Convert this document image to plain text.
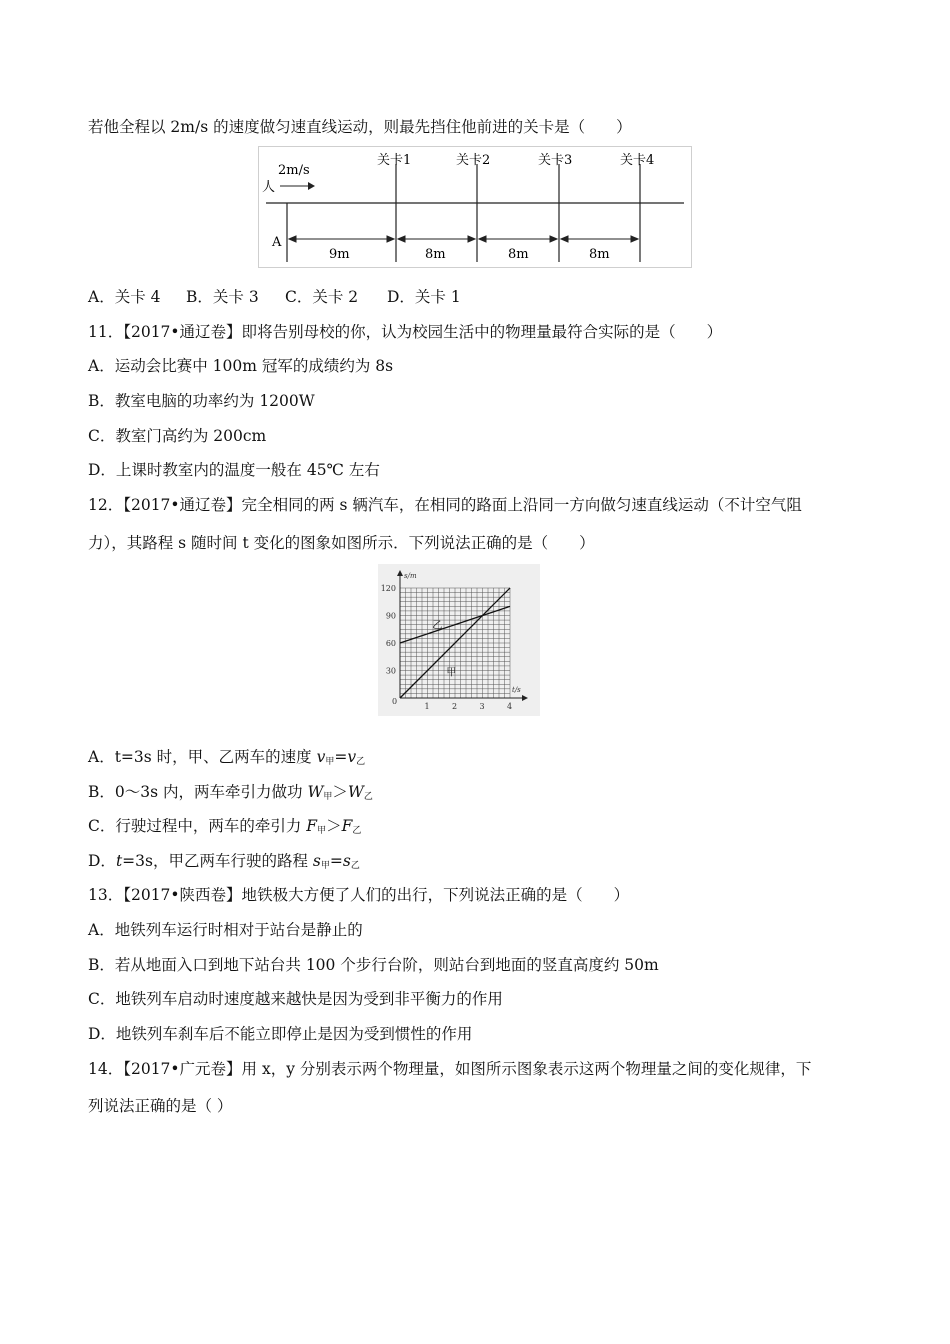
若他全程以 2m/s 的速度做匀速直线运动，则最先挡住他前进的关卡是（　　）
2m/s
人
A
关卡1	关卡2	关卡3	关卡4
9m	8m	8m	8m
A．关卡 4 B．关卡 3 C．关卡 2 D．关卡 1
11．【2017•通辽卷】即将告别母校的你，认为校园生活中的物理量最符合实际的是（　　）
A．运动会比赛中 100m 冠军的成绩约为 8s
B．教室电脑的功率约为 1200W
C．教室门高约为 200cm
D．上课时教室内的温度一般在 45℃ 左右
12．【2017•通辽卷】完全相同的两 s 辆汽车，在相同的路面上沿同一方向做匀速直线运动（不计空气阻
力），其路程 s 随时间 t 变化的图象如图所示．下列说法正确的是（　　）
1	2	3	4
30
60
90
120
0
t/s
s/m
甲
乙
A．t=3s 时，甲、乙两车的速度 $v_甲=v_乙$
B．0～3s 内，两车牵引力做功 $W_甲>W_乙$
C．行驶过程中，两车的牵引力 $F_甲>F_乙$
D．t=3s，甲乙两车行驶的路程 $s_甲=s_乙$
13．【2017•陕西卷】地铁极大方便了人们的出行，下列说法正确的是（　　）
A．地铁列车运行时相对于站台是静止的
B．若从地面入口到地下站台共 100 个步行台阶，则站台到地面的竖直高度约 50m
C．地铁列车启动时速度越来越快是因为受到非平衡力的作用
D．地铁列车刹车后不能立即停止是因为受到惯性的作用
14．【2017•广元卷】用 x，y 分别表示两个物理量，如图所示图象表示这两个物理量之间的变化规律，下
列说法正确的是（ ）
